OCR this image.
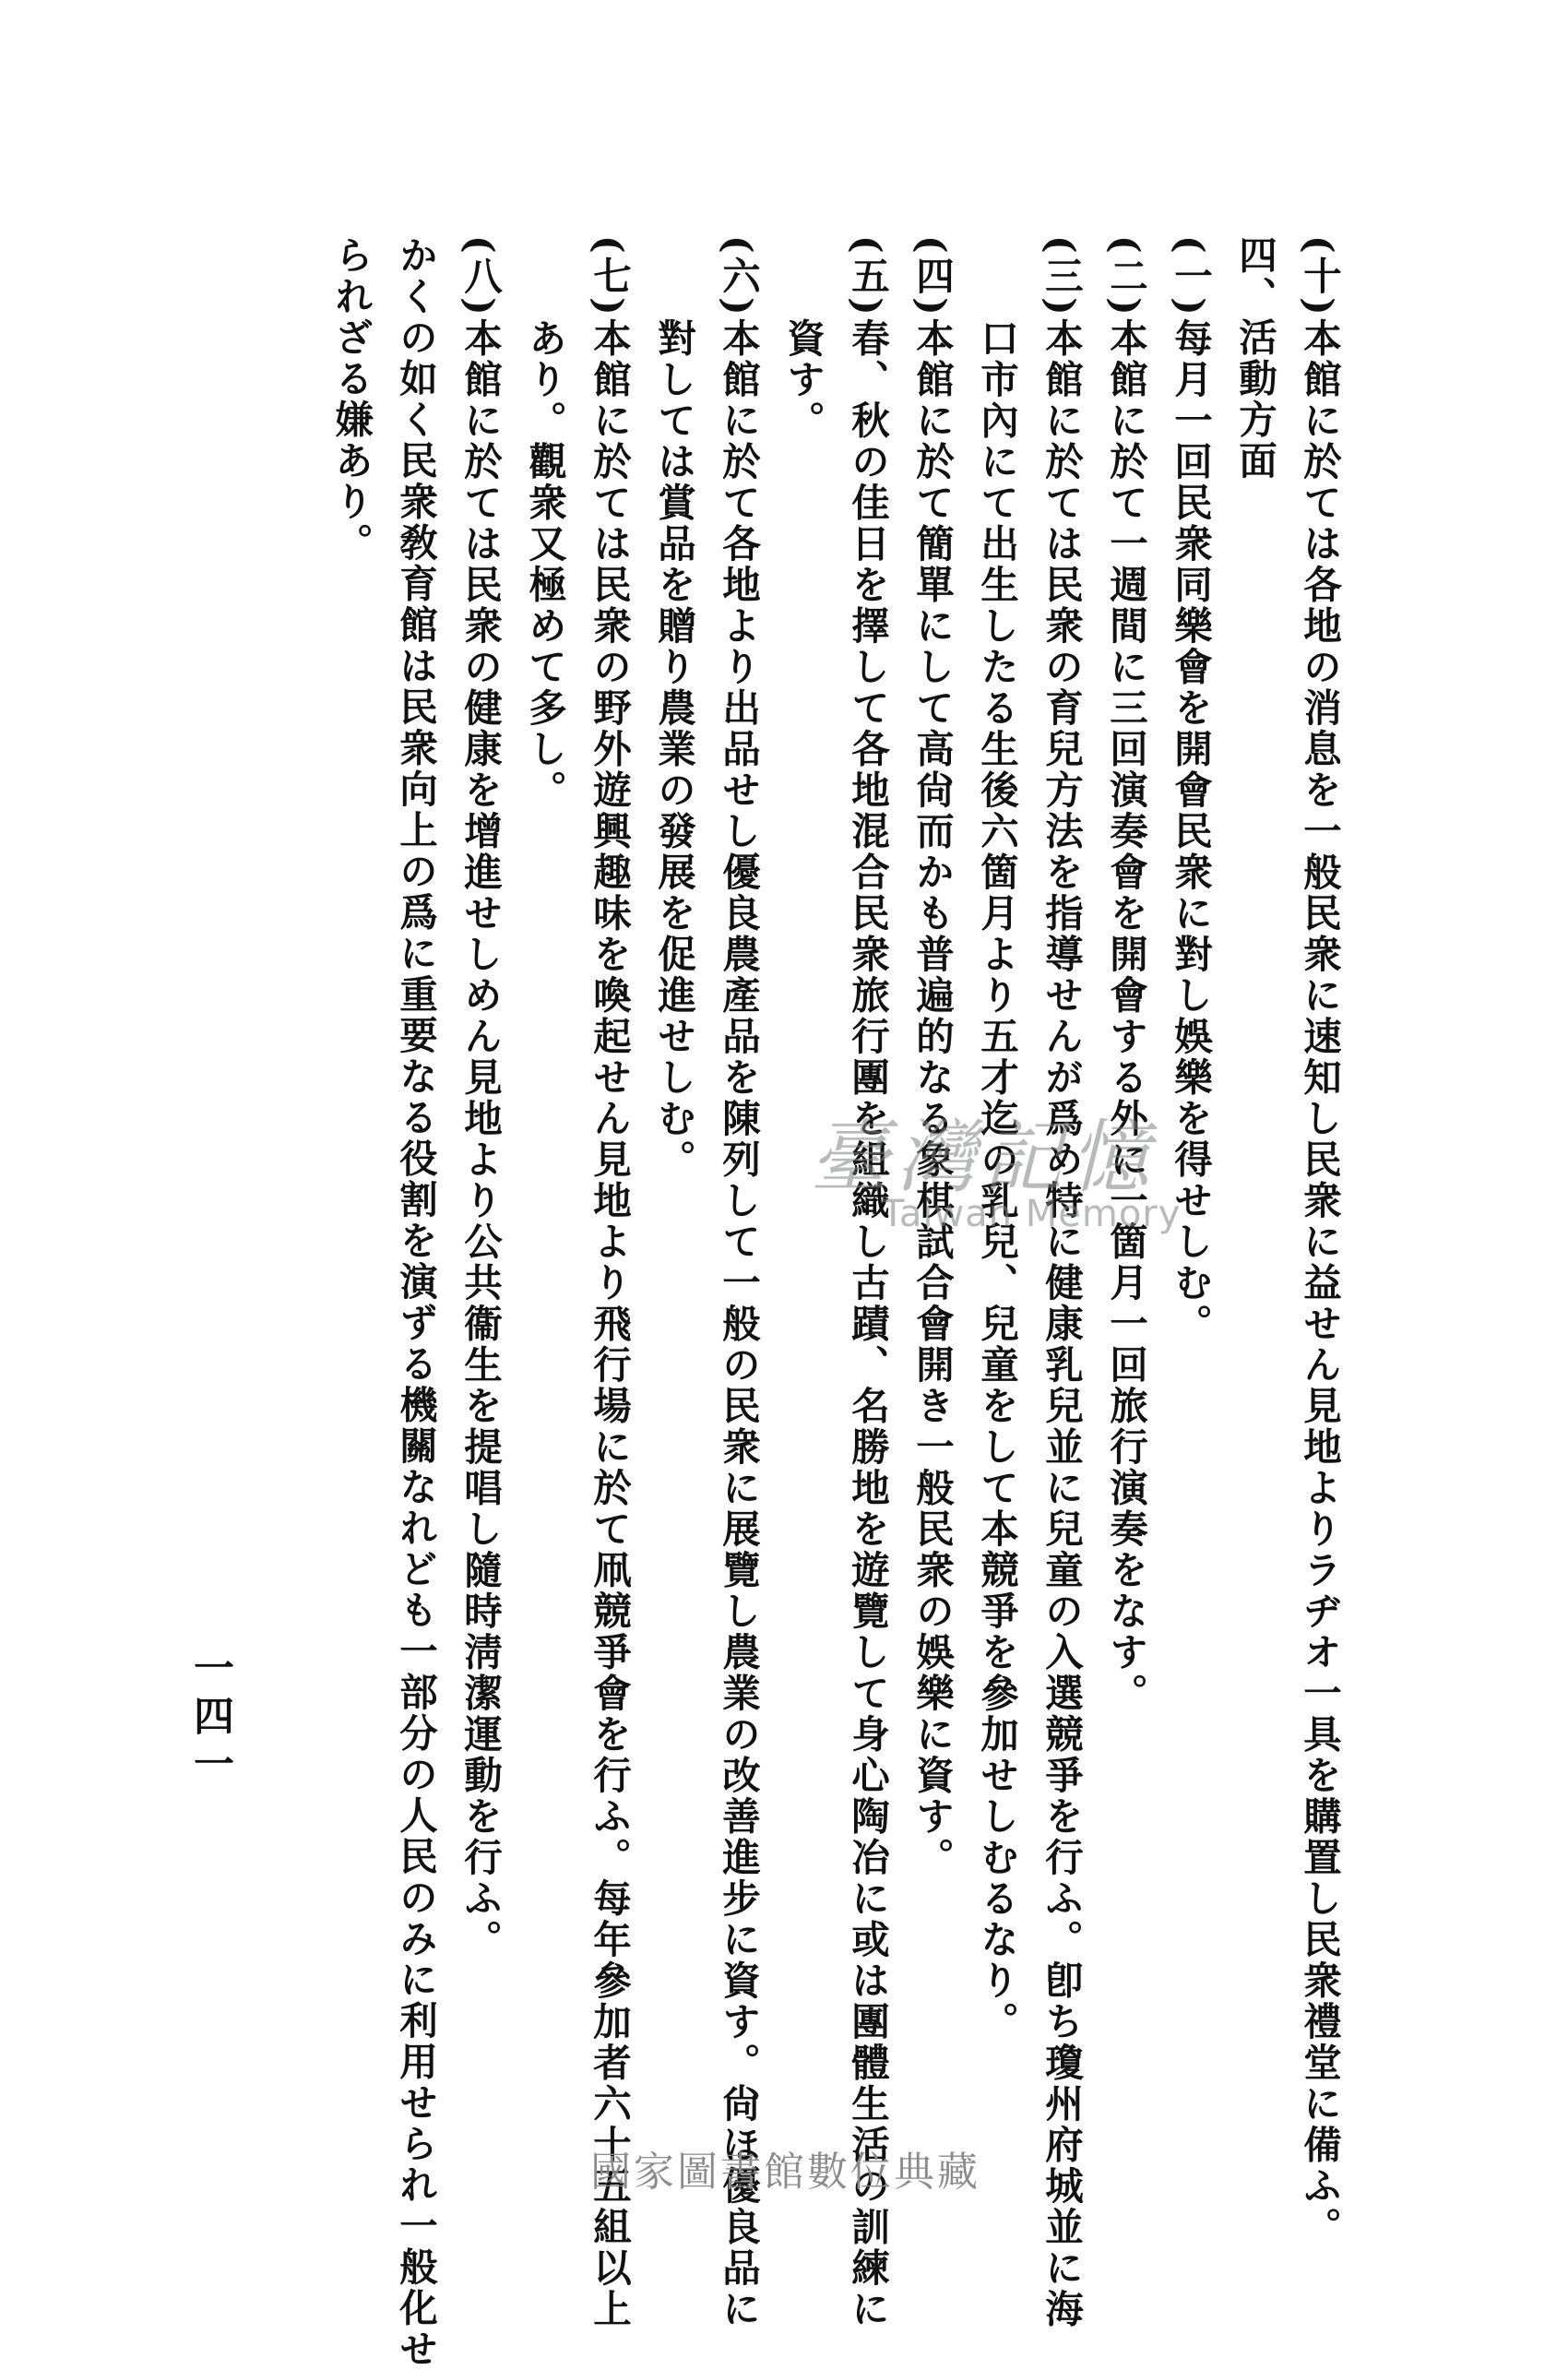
(十)本館に於ては各地の消息を一般民衆に速知し民衆に益せん見地よりラヂオ一具を購置し民衆禮堂に備ふ。
四、活動方面
(一)每月一回民衆同樂會を開會民衆に對し娛樂を得せしむ。
(二)本館に於て一週間に三回演奏會を開會する外に一箇月一回旅行演奏をなす。
(三)本館に於ては民衆の育兒方法を指導せんが爲め特に健康乳兒並に兒童の入選競爭を行ふ。卽ち瓊州府城並に海
口市內にて出生したる生後六箇月より五才迄の乳兒、兒童をして本競爭を參加せしむるなり。
(四)本館に於て簡單にして高尙而かも普遍的なる象棋試合會開き一般民衆の娛樂に資す。
(五)春、秋の佳日を擇して各地混合民衆旅行團を組織し古蹟、名勝地を遊覽して身心陶冶に或は團體生活の訓練に
資す。
(六)本館に於て各地より出品せし優良農產品を陳列して一般の民衆に展覽し農業の改善進步に資す。尙ほ優良品に
對しては賞品を贈り農業の發展を促進せしむ。
(七)本館に於ては民衆の野外遊興趣味を喚起せん見地より飛行場に於て凧競爭會を行ふ。每年參加者六十五組以上
あり。觀衆又極めて多し。
(八)本館に於ては民衆の健康を增進せしめん見地より公共衞生を提唱し隨時淸潔運動を行ふ。
かくの如く民衆敎育館は民衆向上の爲に重要なる役割を演ずる機關なれども一部分の人民のみに利用せられ一般化せ
られざる嫌あり。
一四一
臺灣記憶
Taiwan Memory
國家圖書館數位典藏
